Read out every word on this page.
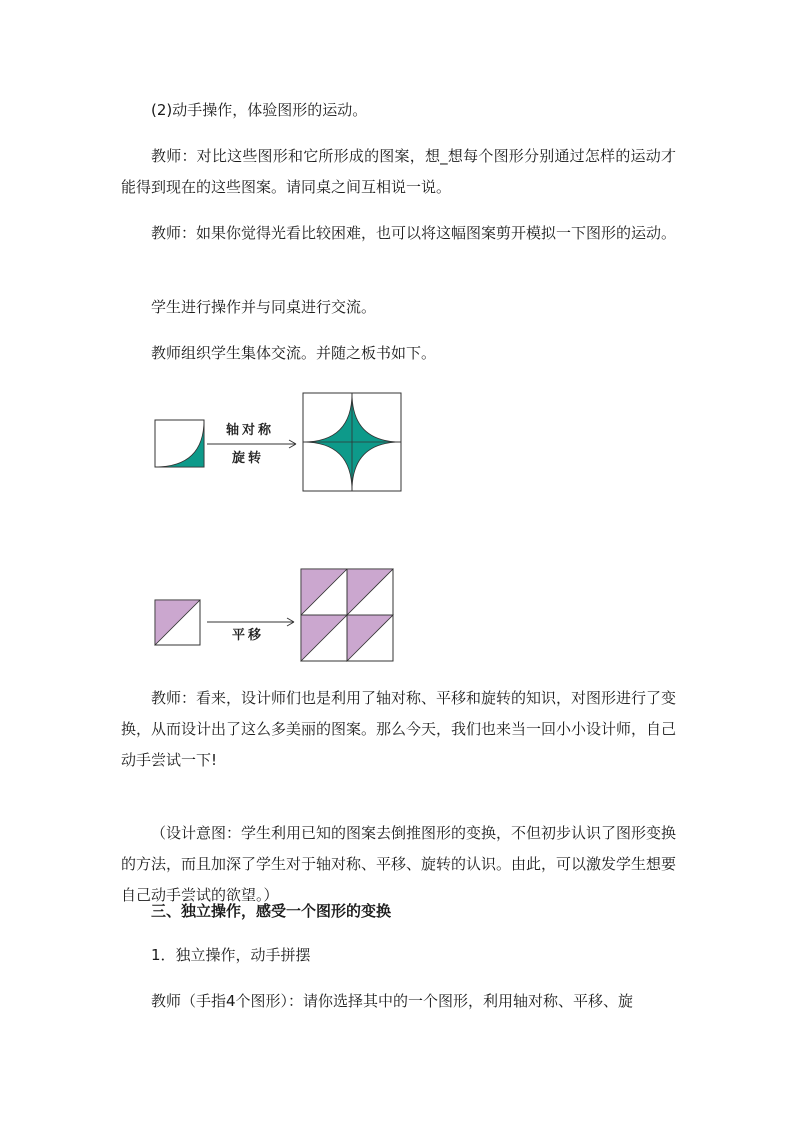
(2)动手操作，体验图形的运动。

教师：对比这些图形和它所形成的图案，想_想每个图形分别通过怎样的运动才能得到现在的这些图案。请同桌之间互相说一说。

教师：如果你觉得光看比较困难，也可以将这幅图案剪开模拟一下图形的运动。

学生进行操作并与同桌进行交流。

教师组织学生集体交流。并随之板书如下。

轴对称
旋转
平移

教师：看来，设计师们也是利用了轴对称、平移和旋转的知识，对图形进行了变换，从而设计出了这么多美丽的图案。那么今天，我们也来当一回小小设计师，自己动手尝试一下!

（设计意图：学生利用已知的图案去倒推图形的变换，不但初步认识了图形变换的方法，而且加深了学生对于轴对称、平移、旋转的认识。由此，可以激发学生想要自己动手尝试的欲望。）

三、独立操作，感受一个图形的变换

1．独立操作，动手拼摆

教师（手指4个图形）：请你选择其中的一个图形，利用轴对称、平移、旋
